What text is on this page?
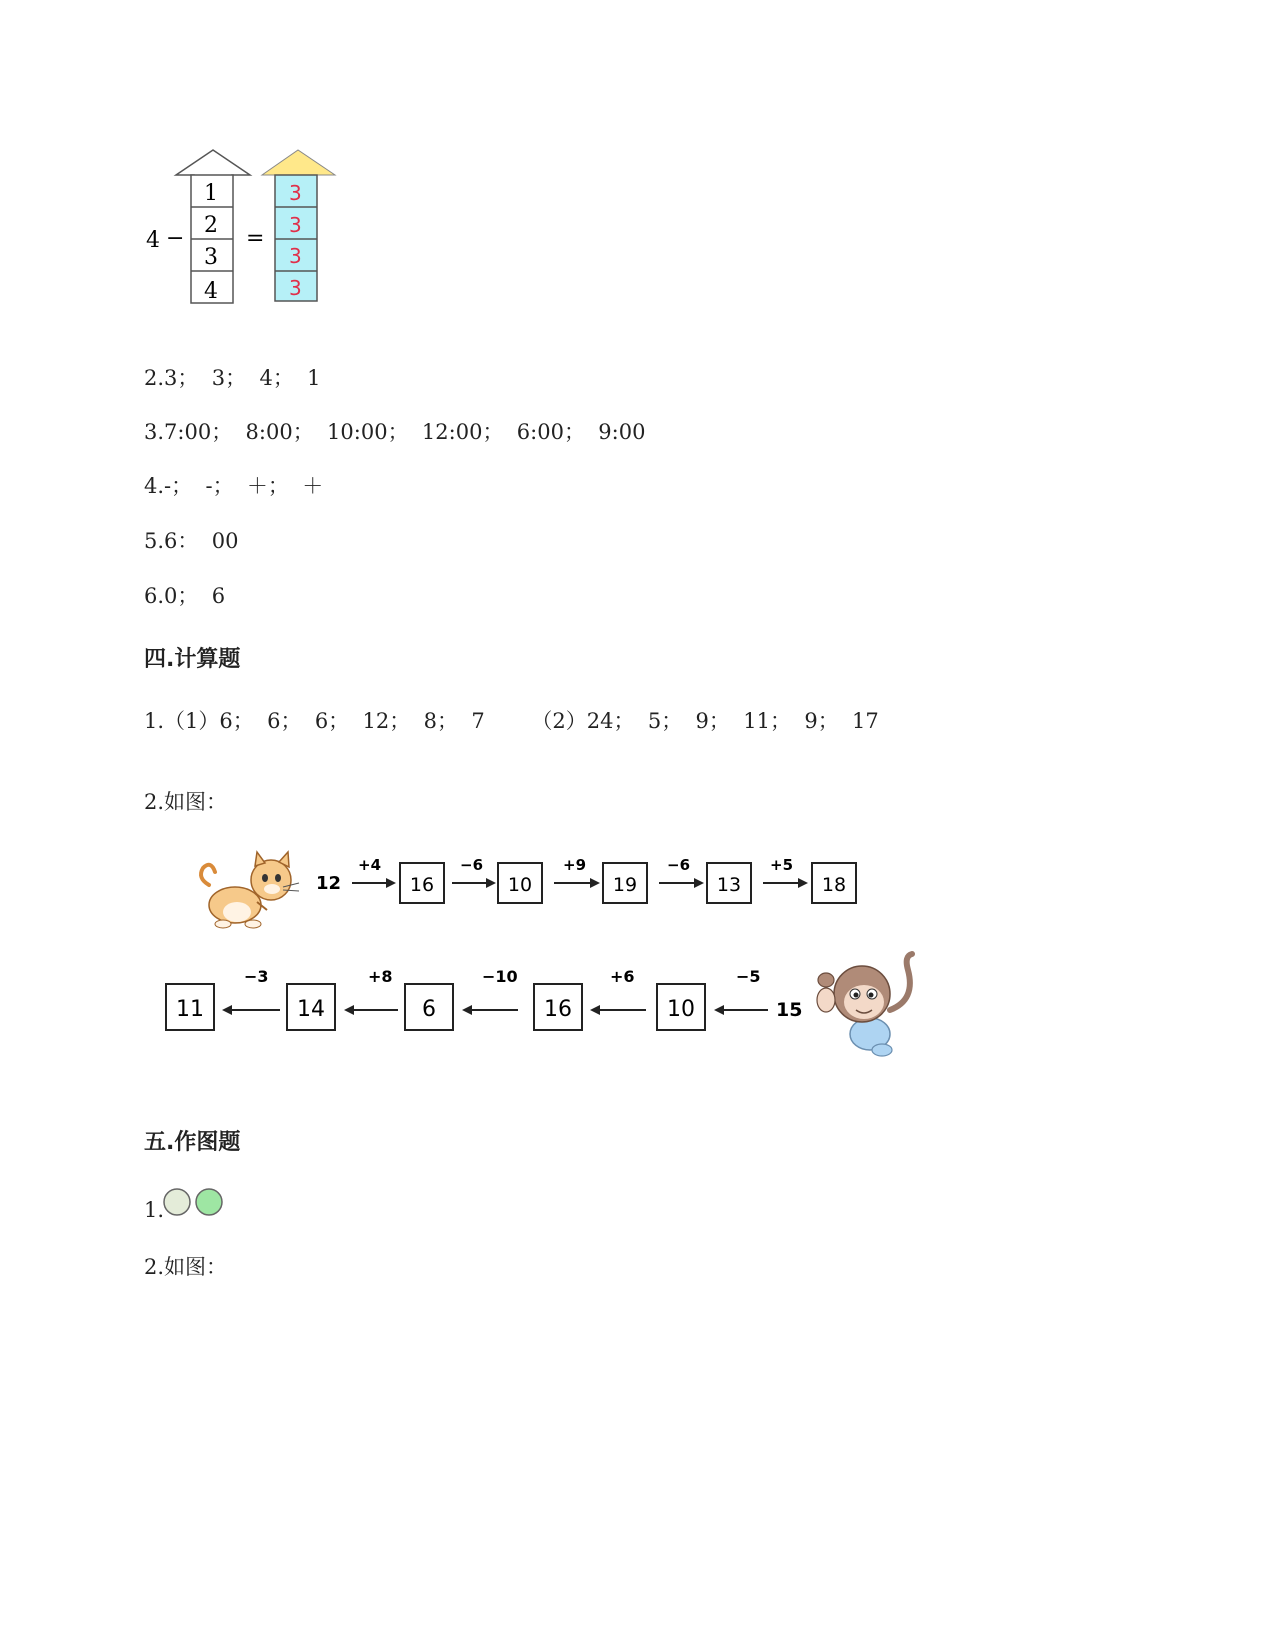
4 −
1
2
3
4
=
3
3
3
3
2.3；  3；  4；  1
3.7:00；  8:00；  10:00；  12:00；  6:00；  9:00
4.-；  -；  ＋；  ＋
5.6：  00
6.0；  6
四.计算题
1.（1）6；  6；  6；  12；  8；  7       （2）24；  5；  9；  11；  9；  17
2.如图：
12
+4
16
−6
10
+9
19
−6
13
+5
18
11
−3
14
+8
6
−10
16
+6
10
−5
15
五.作图题
1.
2.如图：
